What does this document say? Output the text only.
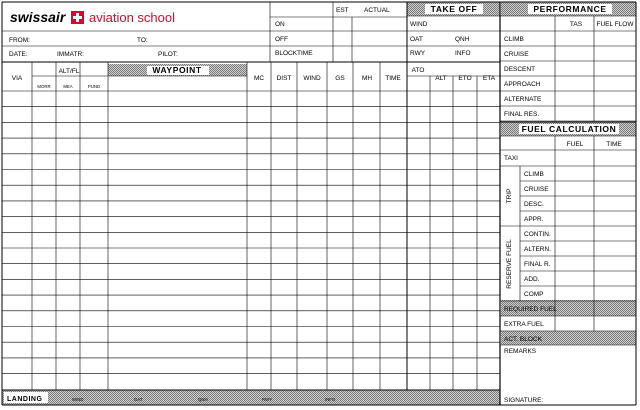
swissair aviation school
FROM:	TO:
DATE:	IMMATR:	PILOT:
ON
OFF
BLOCKTIME
EST ACTUAL	TAKE OFF
WIND
OAT	QNH
RWY	INFO
PERFORMANCE
TAS FUEL FLOW
CLIMB
CRUISE
DESCENT
APPROACH
ALTERNATE
FINAL RES.
VIA
ALT/FL
MORR	MEA	PUND
WAYPOINT
MC DIST WIND GS	MH TIME
ATO
ALT ETO ETA
FUEL CALCULATION
FUEL	TIME
TAXI
TRIP
RESERVE FUEL
CLIMB
CRUISE
DESC.
APPR.
CONTIN.
ALTERN.
FINAL R.
ADD.
COMP
REQUIRED FUEL
EXTRA FUEL
ACT. BLOCK
REMARKS
SIGNATURE:
LANDING	WIND	OAT	QNH	RWY	INFO
